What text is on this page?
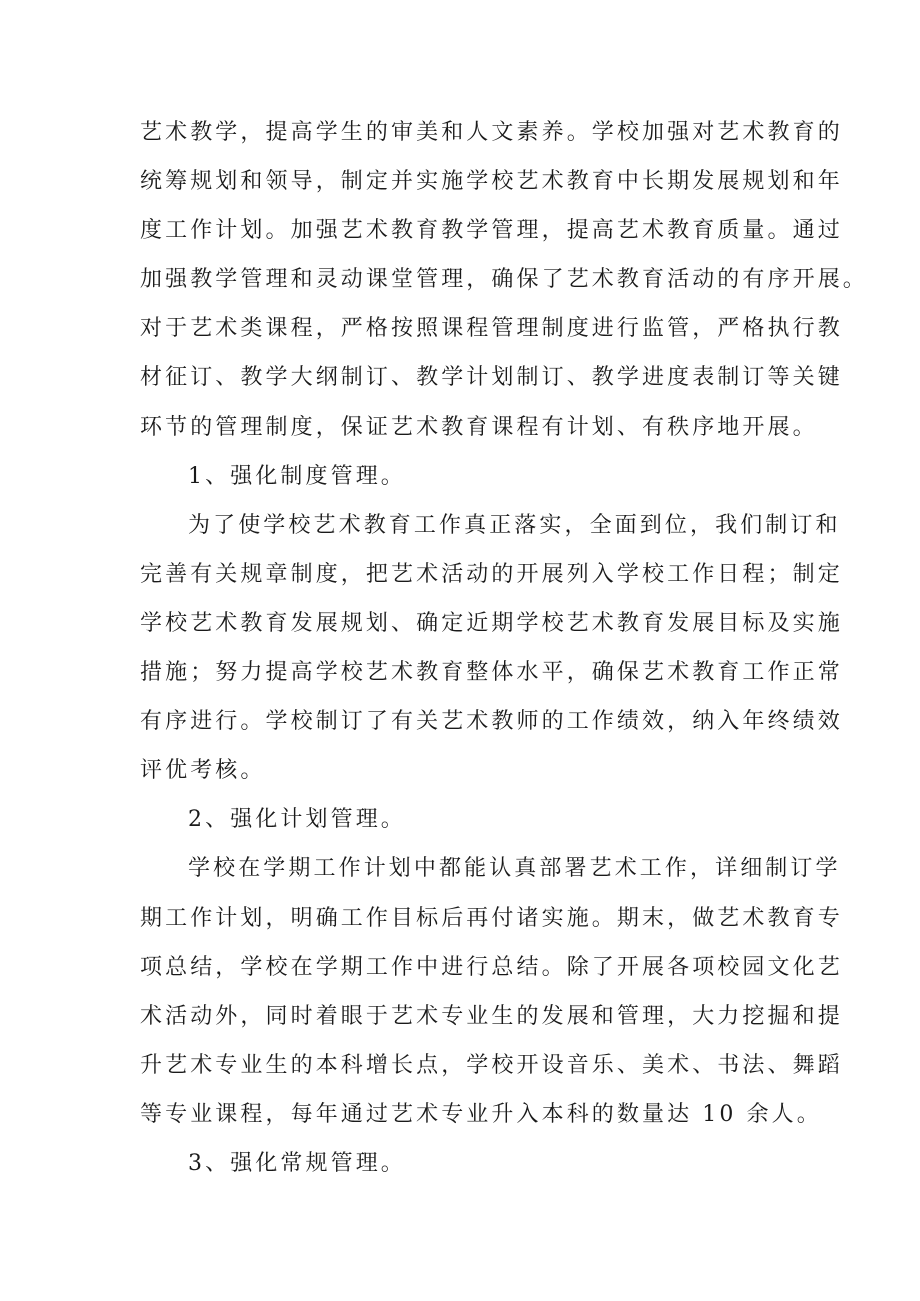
艺术教学，提高学生的审美和人文素养。学校加强对艺术教育的
统筹规划和领导，制定并实施学校艺术教育中长期发展规划和年
度工作计划。加强艺术教育教学管理，提高艺术教育质量。通过
加强教学管理和灵动课堂管理，确保了艺术教育活动的有序开展。
对于艺术类课程，严格按照课程管理制度进行监管，严格执行教
材征订、教学大纲制订、教学计划制订、教学进度表制订等关键
环节的管理制度，保证艺术教育课程有计划、有秩序地开展。
1、强化制度管理。
为了使学校艺术教育工作真正落实，全面到位，我们制订和
完善有关规章制度，把艺术活动的开展列入学校工作日程；制定
学校艺术教育发展规划、确定近期学校艺术教育发展目标及实施
措施；努力提高学校艺术教育整体水平，确保艺术教育工作正常
有序进行。学校制订了有关艺术教师的工作绩效，纳入年终绩效
评优考核。
2、强化计划管理。
学校在学期工作计划中都能认真部署艺术工作，详细制订学
期工作计划，明确工作目标后再付诸实施。期末，做艺术教育专
项总结，学校在学期工作中进行总结。除了开展各项校园文化艺
术活动外，同时着眼于艺术专业生的发展和管理，大力挖掘和提
升艺术专业生的本科增长点，学校开设音乐、美术、书法、舞蹈
等专业课程，每年通过艺术专业升入本科的数量达 10 余人。
3、强化常规管理。
